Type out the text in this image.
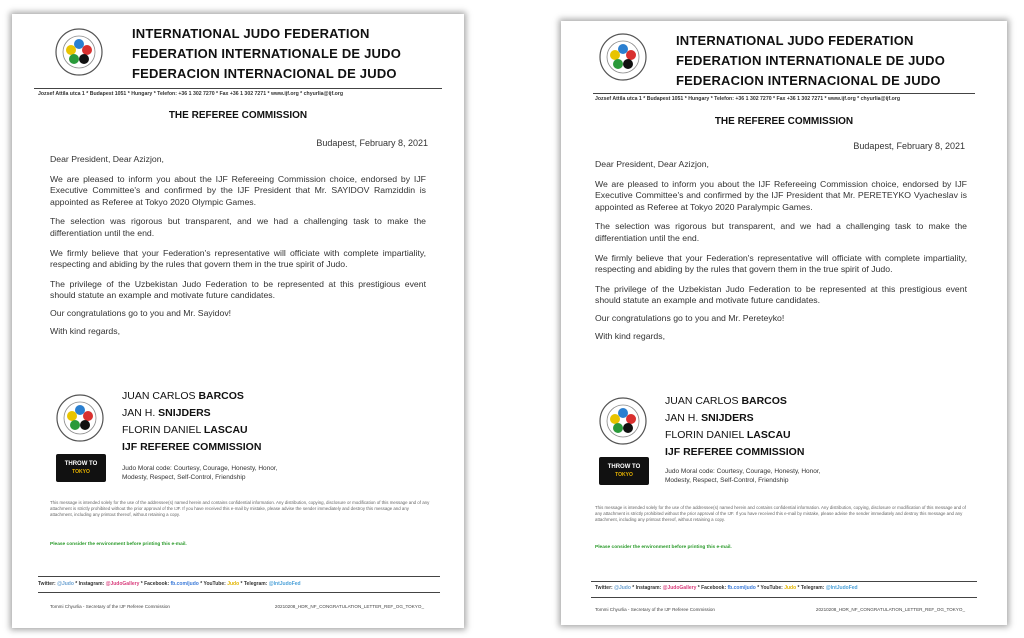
INTERNATIONAL JUDO FEDERATION
FEDERATION INTERNATIONALE DE JUDO
FEDERACION INTERNACIONAL DE JUDO
Jozsef Attila utca 1 * Budapest 1051 * Hungary * Telefon: +36 1 302 7270 * Fax +36 1 302 7271 * www.ijf.org * chyurlia@ijf.org
THE REFEREE COMMISSION
Budapest, February 8, 2021

Dear President, Dear Azizjon,

We are pleased to inform you about the IJF Refereeing Commission choice, endorsed by IJF Executive Committee's and confirmed by the IJF President that Mr. SAYIDOV Ramziddin is appointed as Referee at Tokyo 2020 Olympic Games.

The selection was rigorous but transparent, and we had a challenging task to make the differentiation until the end.

We firmly believe that your Federation's representative will officiate with complete impartiality, respecting and abiding by the rules that govern them in the true spirit of Judo.

The privilege of the Uzbekistan Judo Federation to be represented at this prestigious event should statute an example and motivate future candidates.

Our congratulations go to you and Mr. Sayidov!

With kind regards,

JUAN CARLOS BARCOS
JAN H. SNIJDERS
FLORIN DANIEL LASCAU
IJF REFEREE COMMISSION
THROW TO
TOKYO	Judo Moral code: Courtesy, Courage, Honesty, Honor, Modesty, Respect, Self-Control, Friendship
This message is intended solely for the use of the addressee(s) named herein and contains confidential information. Any distribution, copying, disclosure or modification of this message and of any attachment is strictly prohibited without the prior approval of the IJF. If you have received this e-mail by mistake, please advise the sender immediately and destroy this message and any attachment, including any printout thereof, without retaining a copy.
Please consider the environment before printing this e-mail.
Twitter: @Judo * Instagram: @JudoGallery * Facebook: fb.com/judo * YouTube: Judo * Telegram: @IntJudoFed
Tommi Chyurlia - Secretary of the IJF Referee Commission	20210208_HDR_NF_CONGRATULATION_LETTER_REF_OG_TOKYO_
INTERNATIONAL JUDO FEDERATION
FEDERATION INTERNATIONALE DE JUDO
FEDERACION INTERNACIONAL DE JUDO
Jozsef Attila utca 1 * Budapest 1051 * Hungary * Telefon: +36 1 302 7270 * Fax +36 1 302 7271 * www.ijf.org * chyurlia@ijf.org
THE REFEREE COMMISSION
Budapest, February 8, 2021

Dear President, Dear Azizjon,

We are pleased to inform you about the IJF Refereeing Commission choice, endorsed by IJF Executive Committee's and confirmed by the IJF President that Mr. PERETEYKO Vyacheslav is appointed as Referee at Tokyo 2020 Paralympic Games.

The selection was rigorous but transparent, and we had a challenging task to make the differentiation until the end.

We firmly believe that your Federation's representative will officiate with complete impartiality, respecting and abiding by the rules that govern them in the true spirit of Judo.

The privilege of the Uzbekistan Judo Federation to be represented at this prestigious event should statute an example and motivate future candidates.

Our congratulations go to you and Mr. Pereteyko!

With kind regards,

JUAN CARLOS BARCOS
JAN H. SNIJDERS
FLORIN DANIEL LASCAU
IJF REFEREE COMMISSION
THROW TO
TOKYO	Judo Moral code: Courtesy, Courage, Honesty, Honor, Modesty, Respect, Self-Control, Friendship
This message is intended solely for the use of the addressee(s) named herein and contains confidential information. Any distribution, copying, disclosure or modification of this message and of any attachment is strictly prohibited without the prior approval of the IJF. If you have received this e-mail by mistake, please advise the sender immediately and destroy this message and any attachment, including any printout thereof, without retaining a copy.
Please consider the environment before printing this e-mail.
Twitter: @Judo * Instagram: @JudoGallery * Facebook: fb.com/judo * YouTube: Judo * Telegram: @IntJudoFed
Tommi Chyurlia - Secretary of the IJF Referee Commission	20210208_HDR_NF_CONGRATULATION_LETTER_REF_OG_TOKYO_
